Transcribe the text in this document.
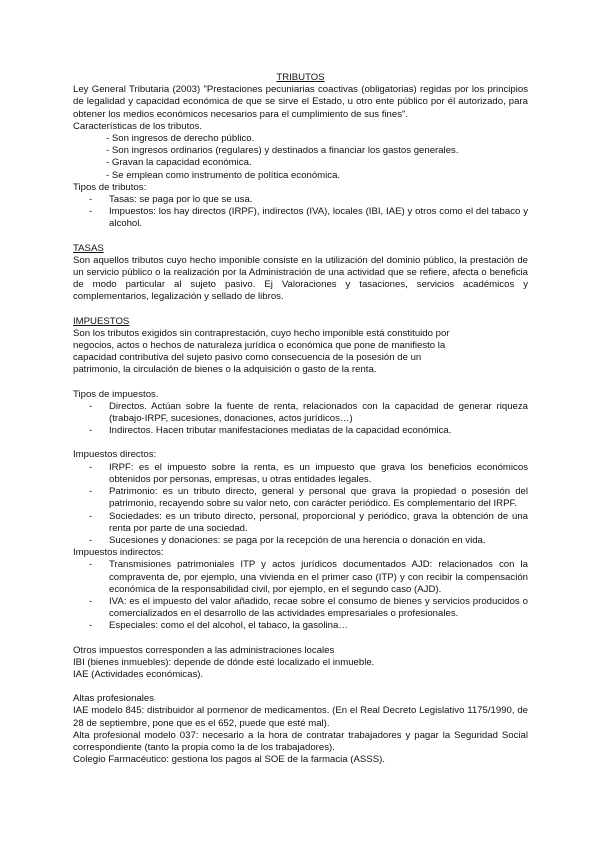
TRIBUTOS

Ley General Tributaria (2003) "Prestaciones pecuniarias coactivas (obligatorias) regidas por los principios de legalidad y capacidad económica de que se sirve el Estado, u otro ente público por él autorizado, para obtener los medios económicos necesarios para el cumplimiento de sus fines".

Características de los tributos.

- Son ingresos de derecho público.

- Son ingresos ordinarios (regulares) y destinados a financiar los gastos generales.

- Gravan la capacidad económica.

- Se emplean como instrumento de política económica.

Tipos de tributos:

- Tasas: se paga por lo que se usa.
- Impuestos: los hay directos (IRPF), indirectos (IVA), locales (IBI, IAE) y otros como el del tabaco y alcohol.

TASAS

Son aquellos tributos cuyo hecho imponible consiste en la utilización del dominio público, la prestación de un servicio público o la realización por la Administración de una actividad que se refiere, afecta o beneficia de modo particular al sujeto pasivo. Ej Valoraciones y tasaciones, servicios académicos y complementarios, legalización y sellado de libros.

IMPUESTOS

Son los tributos exigidos sin contraprestación, cuyo hecho imponible está constituido por

negocios, actos o hechos de naturaleza jurídica o económica que pone de manifiesto la

capacidad contributiva del sujeto pasivo como consecuencia de la posesión de un

patrimonio, la circulación de bienes o la adquisición o gasto de la renta.

Tipos de impuestos.

- Directos. Actúan sobre la fuente de renta, relacionados con la capacidad de generar riqueza (trabajo-IRPF, sucesiones, donaciones, actos jurídicos…)
- Indirectos. Hacen tributar manifestaciones mediatas de la capacidad económica.

Impuestos directos:

- IRPF: es el impuesto sobre la renta, es un impuesto que grava los beneficios económicos obtenidos por personas, empresas, u otras entidades legales.
- Patrimonio: es un tributo directo, general y personal que grava la propiedad o posesión del patrimonio, recayendo sobre su valor neto, con carácter periódico. Es complementario del IRPF.
- Sociedades: es un tributo directo, personal, proporcional y periódico, grava la obtención de una renta por parte de una sociedad.
- Sucesiones y donaciones: se paga por la recepción de una herencia o donación en vida.

Impuestos indirectos:

- Transmisiones patrimoniales ITP y actos jurídicos documentados AJD: relacionados con la compraventa de, por ejemplo, una vivienda en el primer caso (ITP) y con recibir la compensación económica de la responsabilidad civil, por ejemplo, en el segundo caso (AJD).
- IVA: es el impuesto del valor añadido, recae sobre el consumo de bienes y servicios producidos o comercializados en el desarrollo de las actividades empresariales o profesionales.
- Especiales: como el del alcohol, el tabaco, la gasolina…

Otros impuestos corresponden a las administraciones locales

IBI (bienes inmuebles): depende de dónde esté localizado el inmueble.

IAE (Actividades económicas).

Altas profesionales

IAE modelo 845: distribuidor al pormenor de medicamentos. (En el Real Decreto Legislativo 1175/1990, de 28 de septiembre, pone que es el 652, puede que esté mal).

Alta profesional modelo 037: necesario a la hora de contratar trabajadores y pagar la Seguridad Social correspondiente (tanto la propia como la de los trabajadores).

Colegio Farmacéutico: gestiona los pagos al SOE de la farmacia (ASSS).
